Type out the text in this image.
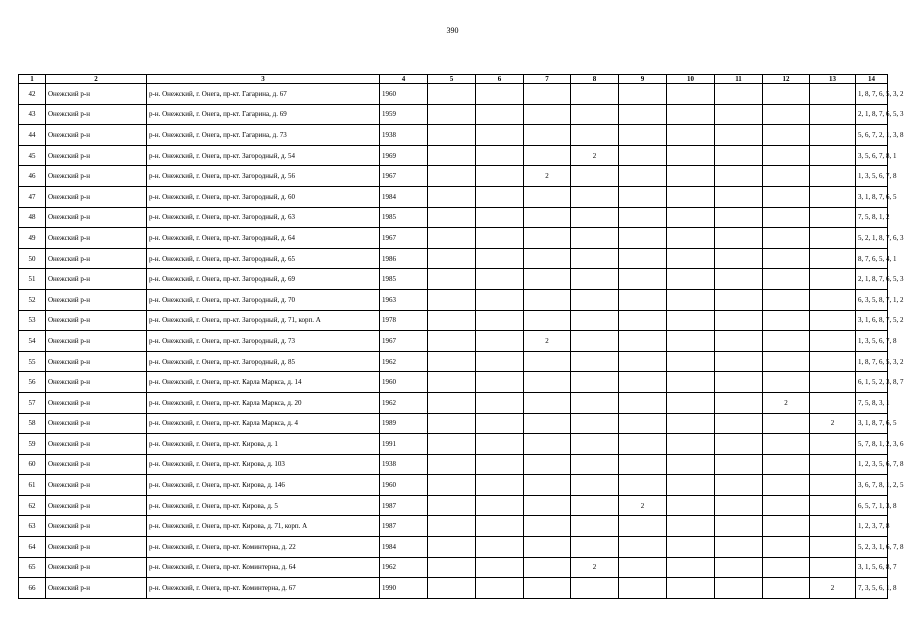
390
1	2	3	4	5	6	7	8	9	10	11	12	13	14
42	Онежский р-н	р-н. Онежский, г. Онега, пр-кт. Гагарина, д. 67	1960										1, 8, 7, 6, 5, 3, 2
43	Онежский р-н	р-н. Онежский, г. Онега, пр-кт. Гагарина, д. 69	1959										2, 1, 8, 7, 6, 5, 3
44	Онежский р-н	р-н. Онежский, г. Онега, пр-кт. Гагарина, д. 73	1938										5, 6, 7, 2, 1, 3, 8
45	Онежский р-н	р-н. Онежский, г. Онега, пр-кт. Загородный, д. 54	1969				2						3, 5, 6, 7, 8, 1
46	Онежский р-н	р-н. Онежский, г. Онега, пр-кт. Загородный, д. 56	1967			2							1, 3, 5, 6, 7, 8
47	Онежский р-н	р-н. Онежский, г. Онега, пр-кт. Загородный, д. 60	1984										3, 1, 8, 7, 6, 5
48	Онежский р-н	р-н. Онежский, г. Онега, пр-кт. Загородный, д. 63	1985										7, 5, 8, 1, 2
49	Онежский р-н	р-н. Онежский, г. Онега, пр-кт. Загородный, д. 64	1967										5, 2, 1, 8, 7, 6, 3
50	Онежский р-н	р-н. Онежский, г. Онега, пр-кт. Загородный, д. 65	1986										8, 7, 6, 5, 4, 1
51	Онежский р-н	р-н. Онежский, г. Онега, пр-кт. Загородный, д. 69	1985										2, 1, 8, 7, 6, 5, 3
52	Онежский р-н	р-н. Онежский, г. Онега, пр-кт. Загородный, д. 70	1963										6, 3, 5, 8, 7, 1, 2
53	Онежский р-н	р-н. Онежский, г. Онега, пр-кт. Загородный, д. 71, корп. А	1978										3, 1, 6, 8, 7, 5, 2
54	Онежский р-н	р-н. Онежский, г. Онега, пр-кт. Загородный, д. 73	1967			2							1, 3, 5, 6, 7, 8
55	Онежский р-н	р-н. Онежский, г. Онега, пр-кт. Загородный, д. 85	1962										1, 8, 7, 6, 5, 3, 2
56	Онежский р-н	р-н. Онежский, г. Онега, пр-кт. Карла Маркса, д. 14	1960										6, 1, 5, 2, 3, 8, 7
57	Онежский р-н	р-н. Онежский, г. Онега, пр-кт. Карла Маркса, д. 20	1962								2		7, 5, 8, 3, 1
58	Онежский р-н	р-н. Онежский, г. Онега, пр-кт. Карла Маркса, д. 4	1989									2	3, 1, 8, 7, 6, 5
59	Онежский р-н	р-н. Онежский, г. Онега, пр-кт. Кирова, д. 1	1991										5, 7, 8, 1, 2, 3, 6
60	Онежский р-н	р-н. Онежский, г. Онега, пр-кт. Кирова, д. 103	1938										1, 2, 3, 5, 6, 7, 8
61	Онежский р-н	р-н. Онежский, г. Онега, пр-кт. Кирова, д. 146	1960										3, 6, 7, 8, 1, 2, 5
62	Онежский р-н	р-н. Онежский, г. Онега, пр-кт. Кирова, д. 5	1987					2					6, 5, 7, 1, 3, 8
63	Онежский р-н	р-н. Онежский, г. Онега, пр-кт. Кирова, д. 71, корп. А	1987										1, 2, 3, 7, 8
64	Онежский р-н	р-н. Онежский, г. Онега, пр-кт. Коминтерна, д. 22	1984										5, 2, 3, 1, 6, 7, 8
65	Онежский р-н	р-н. Онежский, г. Онега, пр-кт. Коминтерна, д. 64	1962				2						3, 1, 5, 6, 8, 7
66	Онежский р-н	р-н. Онежский, г. Онега, пр-кт. Коминтерна, д. 67	1990									2	7, 3, 5, 6, 1, 8
